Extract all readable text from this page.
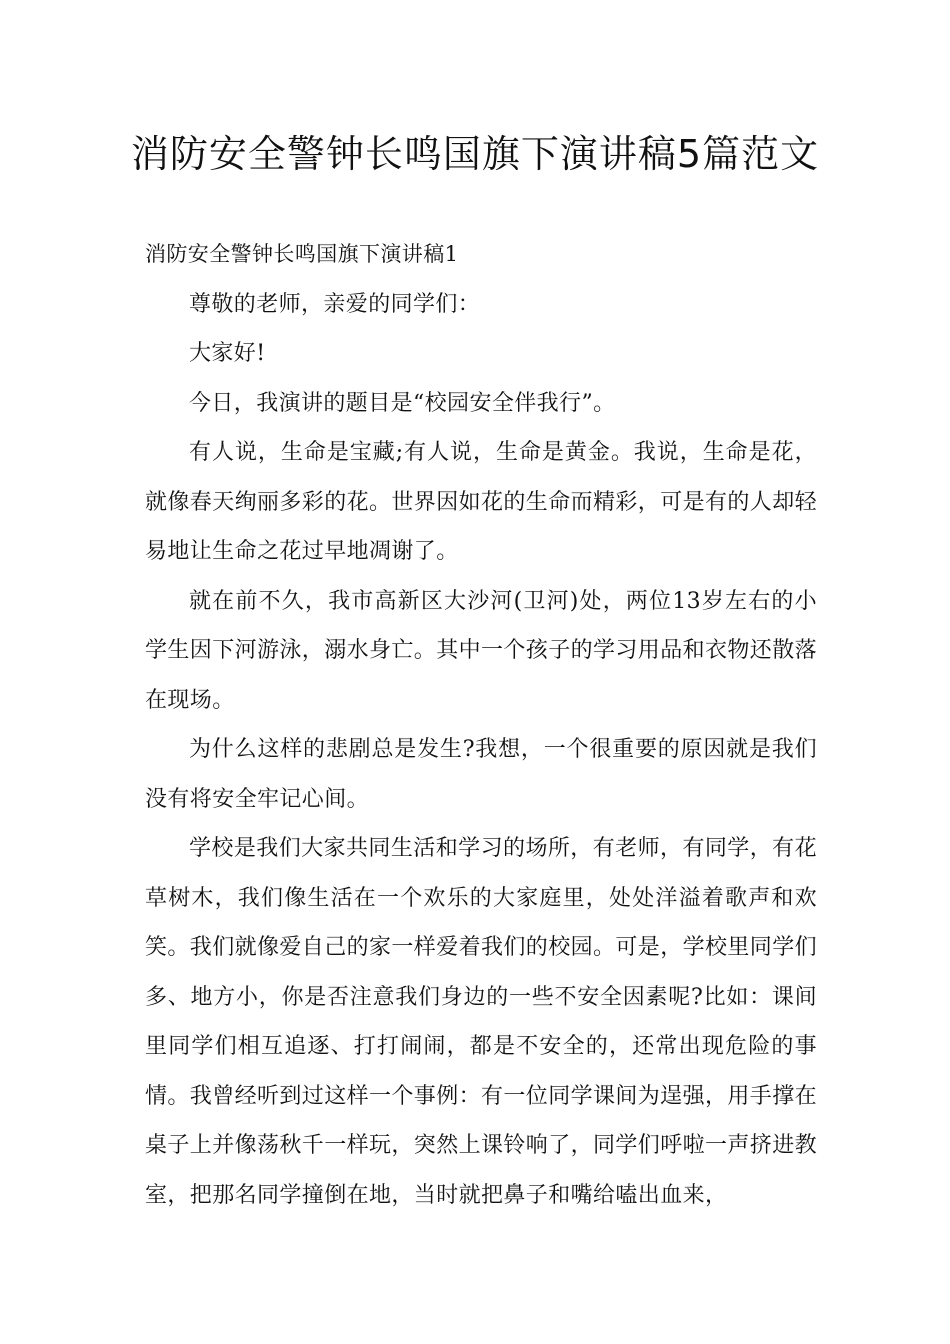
消防安全警钟长鸣国旗下演讲稿5篇范文
消防安全警钟长鸣国旗下演讲稿1

尊敬的老师，亲爱的同学们：

大家好!

今日，我演讲的题目是“校园安全伴我行”。

有人说，生命是宝藏;有人说，生命是黄金。我说，生命是花，就像春天绚丽多彩的花。世界因如花的生命而精彩，可是有的人却轻易地让生命之花过早地凋谢了。

就在前不久，我市高新区大沙河(卫河)处，两位13岁左右的小学生因下河游泳，溺水身亡。其中一个孩子的学习用品和衣物还散落在现场。

为什么这样的悲剧总是发生?我想，一个很重要的原因就是我们没有将安全牢记心间。

学校是我们大家共同生活和学习的场所，有老师，有同学，有花草树木，我们像生活在一个欢乐的大家庭里，处处洋溢着歌声和欢笑。我们就像爱自己的家一样爱着我们的校园。可是，学校里同学们多、地方小，你是否注意我们身边的一些不安全因素呢?比如：课间里同学们相互追逐、打打闹闹，都是不安全的，还常出现危险的事情。我曾经听到过这样一个事例：有一位同学课间为逞强，用手撑在桌子上并像荡秋千一样玩，突然上课铃响了，同学们呼啦一声挤进教室，把那名同学撞倒在地，当时就把鼻子和嘴给嗑出血来，
